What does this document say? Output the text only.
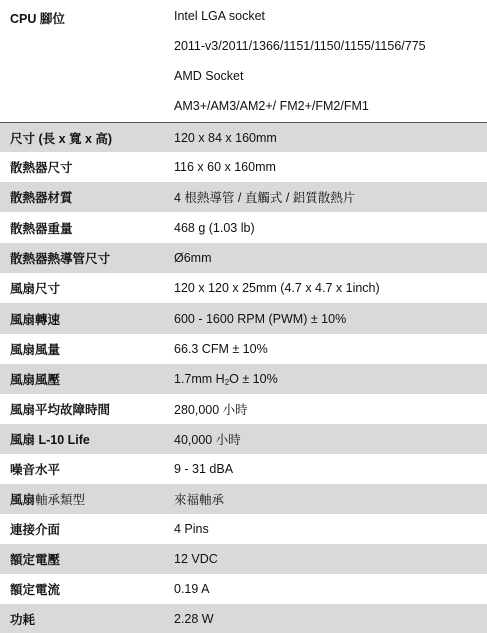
CPU 腳位	Intel LGA socket
2011-v3/2011/1366/1151/1150/1155/1156/775
AMD Socket
AM3+/AM3/AM2+/ FM2+/FM2/FM1
尺寸 (長 x 寬 x 高)	120 x 84 x 160mm
散熱器尺寸	116 x 60 x 160mm
散熱器材質	4 根熱導管 / 直觸式 / 鋁質散熱片
散熱器重量	468 g (1.03 lb)
散熱器熱導管尺寸	Ø6mm
風扇尺寸	120 x 120 x 25mm (4.7 x 4.7 x 1inch)
風扇轉速	600 - 1600 RPM (PWM) ± 10%
風扇風量	66.3 CFM ± 10%
風扇風壓	1.7mm $H_2O \pm 10\%$
風扇平均故障時間	280,000 小時
風扇 L-10 Life	40,000 小時
噪音水平	9 - 31 dBA
風扇軸承類型	來福軸承
連接介面	4 Pins
額定電壓	12 VDC
額定電流	0.19 A
功耗	2.28 W
